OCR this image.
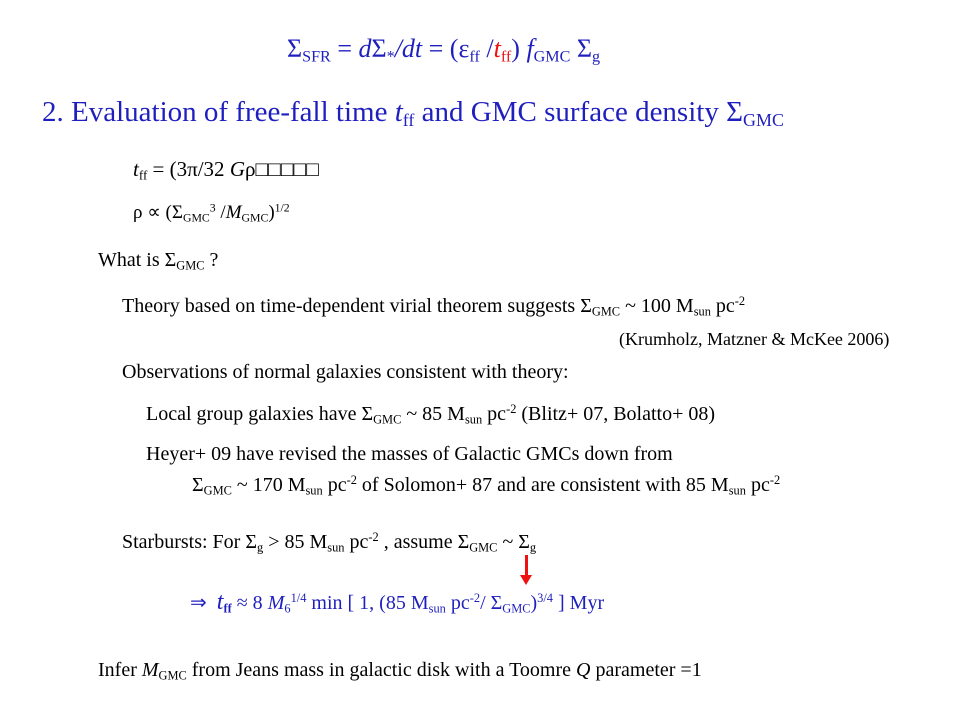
$\Sigma_{SFR} = d\Sigma_*/dt = (\varepsilon_{ff}$ $/t_{ff}$) $f_{GMC}$ $\Sigma_g$
2. Evaluation of free-fall time $t_{ff}$ and GMC surface density $\Sigma_{GMC}$
$t_{ff} = (3\pi/32$ Gρ□□□□□
$\rho \propto (\Sigma_{GMC}^3$ $/M_{GMC})^{1/2}$
What is $\Sigma_{GMC}$ ?
Theory based on time-dependent virial theorem suggests $\Sigma_{GMC}$ ~ 100 $M_{sun}$ $pc^{-2}$
(Krumholz, Matzner & McKee 2006)
Observations of normal galaxies consistent with theory:
Local group galaxies have $\Sigma_{GMC}$ ~ 85 $M_{sun}$ $pc^{-2}$ (Blitz+ 07, Bolatto+ 08)
Heyer+ 09 have revised the masses of Galactic GMCs down from
$\Sigma_{GMC}$ ~ 170 $M_{sun}$ $pc^{-2}$ of Solomon+ 87 and are consistent with 85 $M_{sun}$ $pc^{-2}$
Starbursts: For $\Sigma_g > 85$ $M_{sun}$ $pc^{-2}$ , assume $\Sigma_{GMC}$ ~ $\Sigma_g$
⇒ $t_{ff} \approx 8$ $M_6^{1/4}$ min [ 1, (85 $M_{sun}$ $pc^{-2}/$ $\Sigma_{GMC})^{3/4}$ ] Myr
Infer $M_{GMC}$ from Jeans mass in galactic disk with a Toomre Q parameter =1
